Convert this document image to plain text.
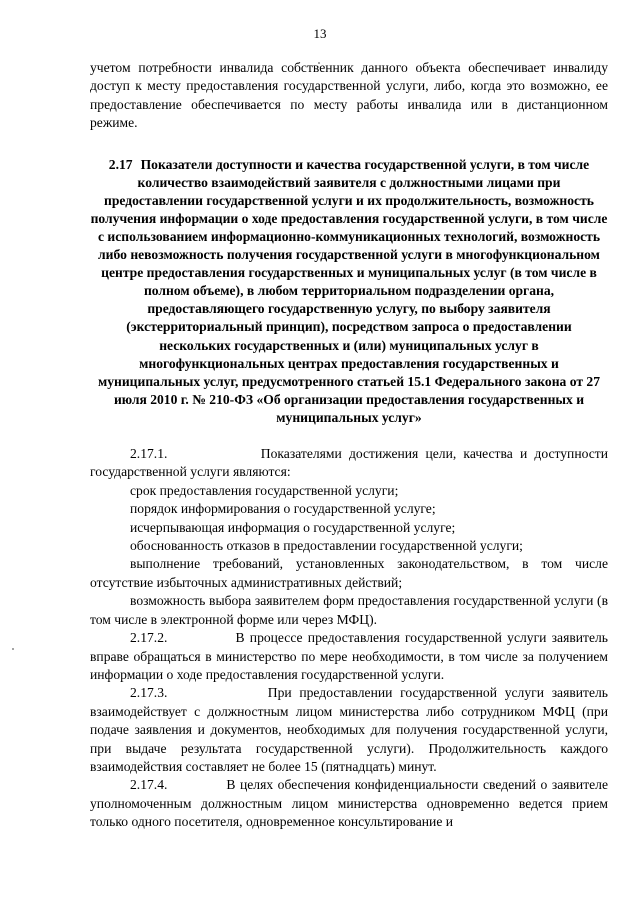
13

учетом потребности инвалида собственник данного объекта обеспечивает инвалиду доступ к месту предоставления государственной услуги, либо, когда это возможно, ее предоставление обеспечивается по месту работы инвалида или в дистанционном режиме.

2.17 Показатели доступности и качества государственной услуги, в том числе количество взаимодействий заявителя с должностными лицами при предоставлении государственной услуги и их продолжительность, возможность получения информации о ходе предоставления государственной услуги, в том числе с использованием информационно-коммуникационных технологий, возможность либо невозможность получения государственной услуги в многофункциональном центре предоставления государственных и муниципальных услуг (в том числе в полном объеме), в любом территориальном подразделении органа, предоставляющего государственную услугу, по выбору заявителя (экстерриториальный принцип), посредством запроса о предоставлении нескольких государственных и (или) муниципальных услуг в многофункциональных центрах предоставления государственных и муниципальных услуг, предусмотренного статьей 15.1 Федерального закона от 27 июля 2010 г. № 210-ФЗ «Об организации предоставления государственных и муниципальных услуг»

2.17.1.	Показателями достижения цели, качества и доступности государственной услуги являются:

срок предоставления государственной услуги;

порядок информирования о государственной услуге;

исчерпывающая информация о государственной услуге;

обоснованность отказов в предоставлении государственной услуги;

выполнение требований, установленных законодательством, в том числе отсутствие избыточных административных действий;

возможность выбора заявителем форм предоставления государственной услуги (в том числе в электронной форме или через МФЦ).

2.17.2.	В процессе предоставления государственной услуги заявитель вправе обращаться в министерство по мере необходимости, в том числе за получением информации о ходе предоставления государственной услуги.

2.17.3.	При предоставлении государственной услуги заявитель взаимодействует с должностным лицом министерства либо сотрудником МФЦ (при подаче заявления и документов, необходимых для получения государственной услуги, при выдаче результата государственной услуги). Продолжительность каждого взаимодействия составляет не более 15 (пятнадцать) минут.

2.17.4.	В целях обеспечения конфиденциальности сведений о заявителе уполномоченным должностным лицом министерства одновременно ведется прием только одного посетителя, одновременное консультирование и
